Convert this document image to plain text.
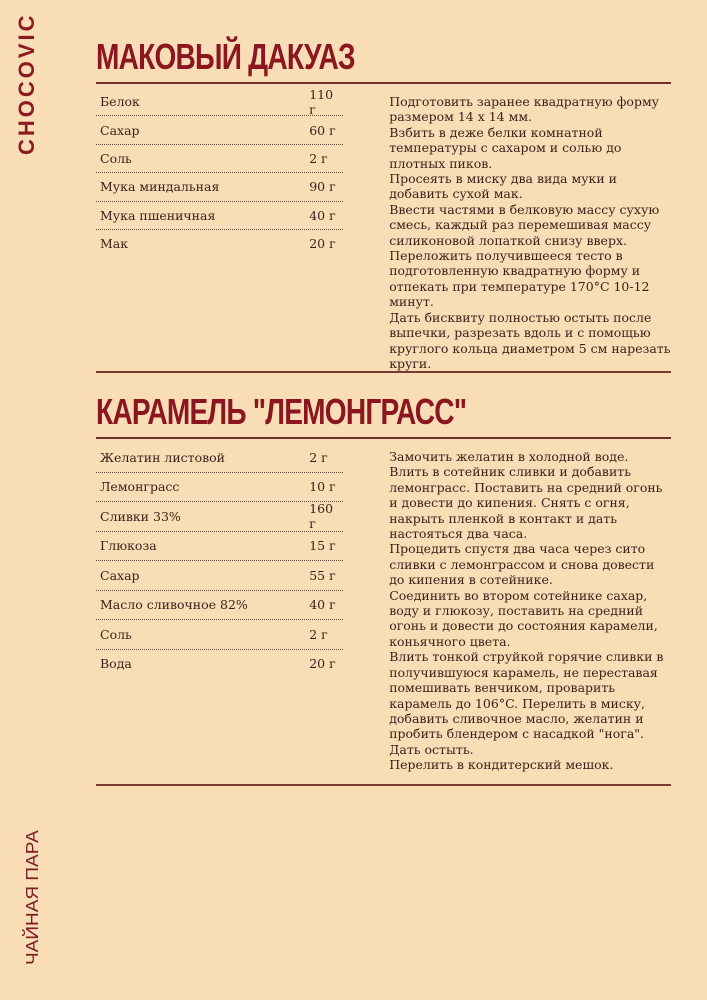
CHOCOVIC
ЧАЙНАЯ ПАРА
МАКОВЫЙ ДАКУАЗ
Белок	110 г
Сахар	60 г
Соль	2 г
Мука миндальная	90 г
Мука пшеничная	40 г
Мак	20 г

Подготовить заранее квадратную форму размером 14 х 14 мм.

Взбить в деже белки комнатной температуры с сахаром и солью до плотных пиков.

Просеять в миску два вида муки и добавить сухой мак.

Ввести частями в белковую массу сухую смесь, каждый раз перемешивая массу силиконовой лопаткой снизу вверх.

Переложить получившееся тесто в подготовленную квадратную форму и отпекать при температуре 170°C 10-12 минут.

Дать бисквиту полностью остыть после выпечки, разрезать вдоль и с помощью круглого кольца диаметром 5 см нарезать круги.

КАРАМЕЛЬ "ЛЕМОНГРАСС"
Желатин листовой	2 г
Лемонграсс	10 г
Сливки 33%	160 г
Глюкоза	15 г
Сахар	55 г
Масло сливочное 82%	40 г
Соль	2 г
Вода	20 г

Замочить желатин в холодной воде.

Влить в сотейник сливки и добавить лемонграсс. Поставить на средний огонь и довести до кипения. Снять с огня, накрыть пленкой в контакт и дать настояться два часа.

Процедить спустя два часа через сито сливки с лемонграссом и снова довести до кипения в сотейнике.

Соединить во втором сотейнике сахар, воду и глюкозу, поставить на средний огонь и довести до состояния карамели, коньячного цвета.

Влить тонкой струйкой горячие сливки в получившуюся карамель, не переставая помешивать венчиком, проварить карамель до 106°C. Перелить в миску, добавить сливочное масло, желатин и пробить блендером с насадкой "нога".

Дать остыть.

Перелить в кондитерский мешок.
